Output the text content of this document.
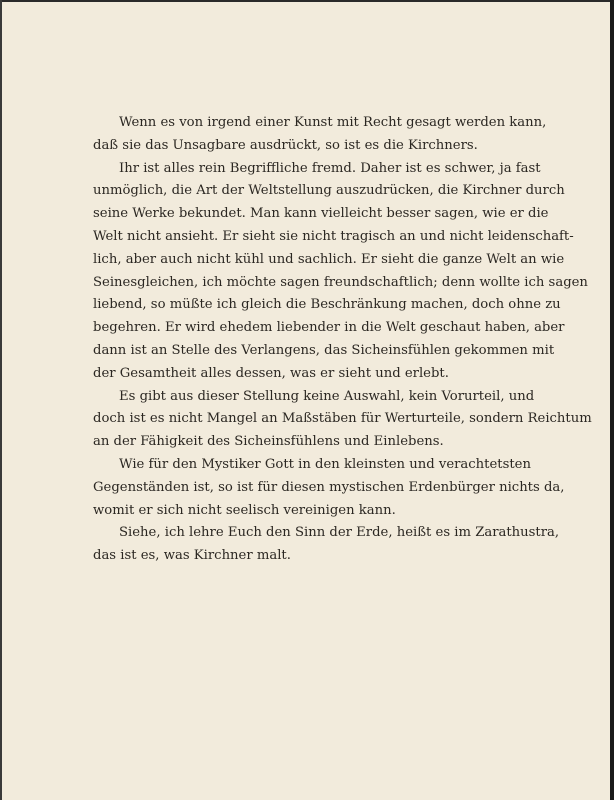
Wenn es von irgend einer Kunst mit Recht gesagt werden kann,
daß sie das Unsagbare ausdrückt, so ist es die Kirchners.
Ihr ist alles rein Begriffliche fremd. Daher ist es schwer, ja fast
unmöglich, die Art der Weltstellung auszudrücken, die Kirchner durch
seine Werke bekundet. Man kann vielleicht besser sagen, wie er die
Welt nicht ansieht. Er sieht sie nicht tragisch an und nicht leidenschaft-
lich, aber auch nicht kühl und sachlich. Er sieht die ganze Welt an wie
Seinesgleichen, ich möchte sagen freundschaftlich; denn wollte ich sagen
liebend, so müßte ich gleich die Beschränkung machen, doch ohne zu
begehren. Er wird ehedem liebender in die Welt geschaut haben, aber
dann ist an Stelle des Verlangens, das Sicheinsfühlen gekommen mit
der Gesamtheit alles dessen, was er sieht und erlebt.
Es gibt aus dieser Stellung keine Auswahl, kein Vorurteil, und
doch ist es nicht Mangel an Maßstäben für Werturteile, sondern Reichtum
an der Fähigkeit des Sicheinsfühlens und Einlebens.
Wie für den Mystiker Gott in den kleinsten und verachtetsten
Gegenständen ist, so ist für diesen mystischen Erdenbürger nichts da,
womit er sich nicht seelisch vereinigen kann.
Siehe, ich lehre Euch den Sinn der Erde, heißt es im Zarathustra,
das ist es, was Kirchner malt.
